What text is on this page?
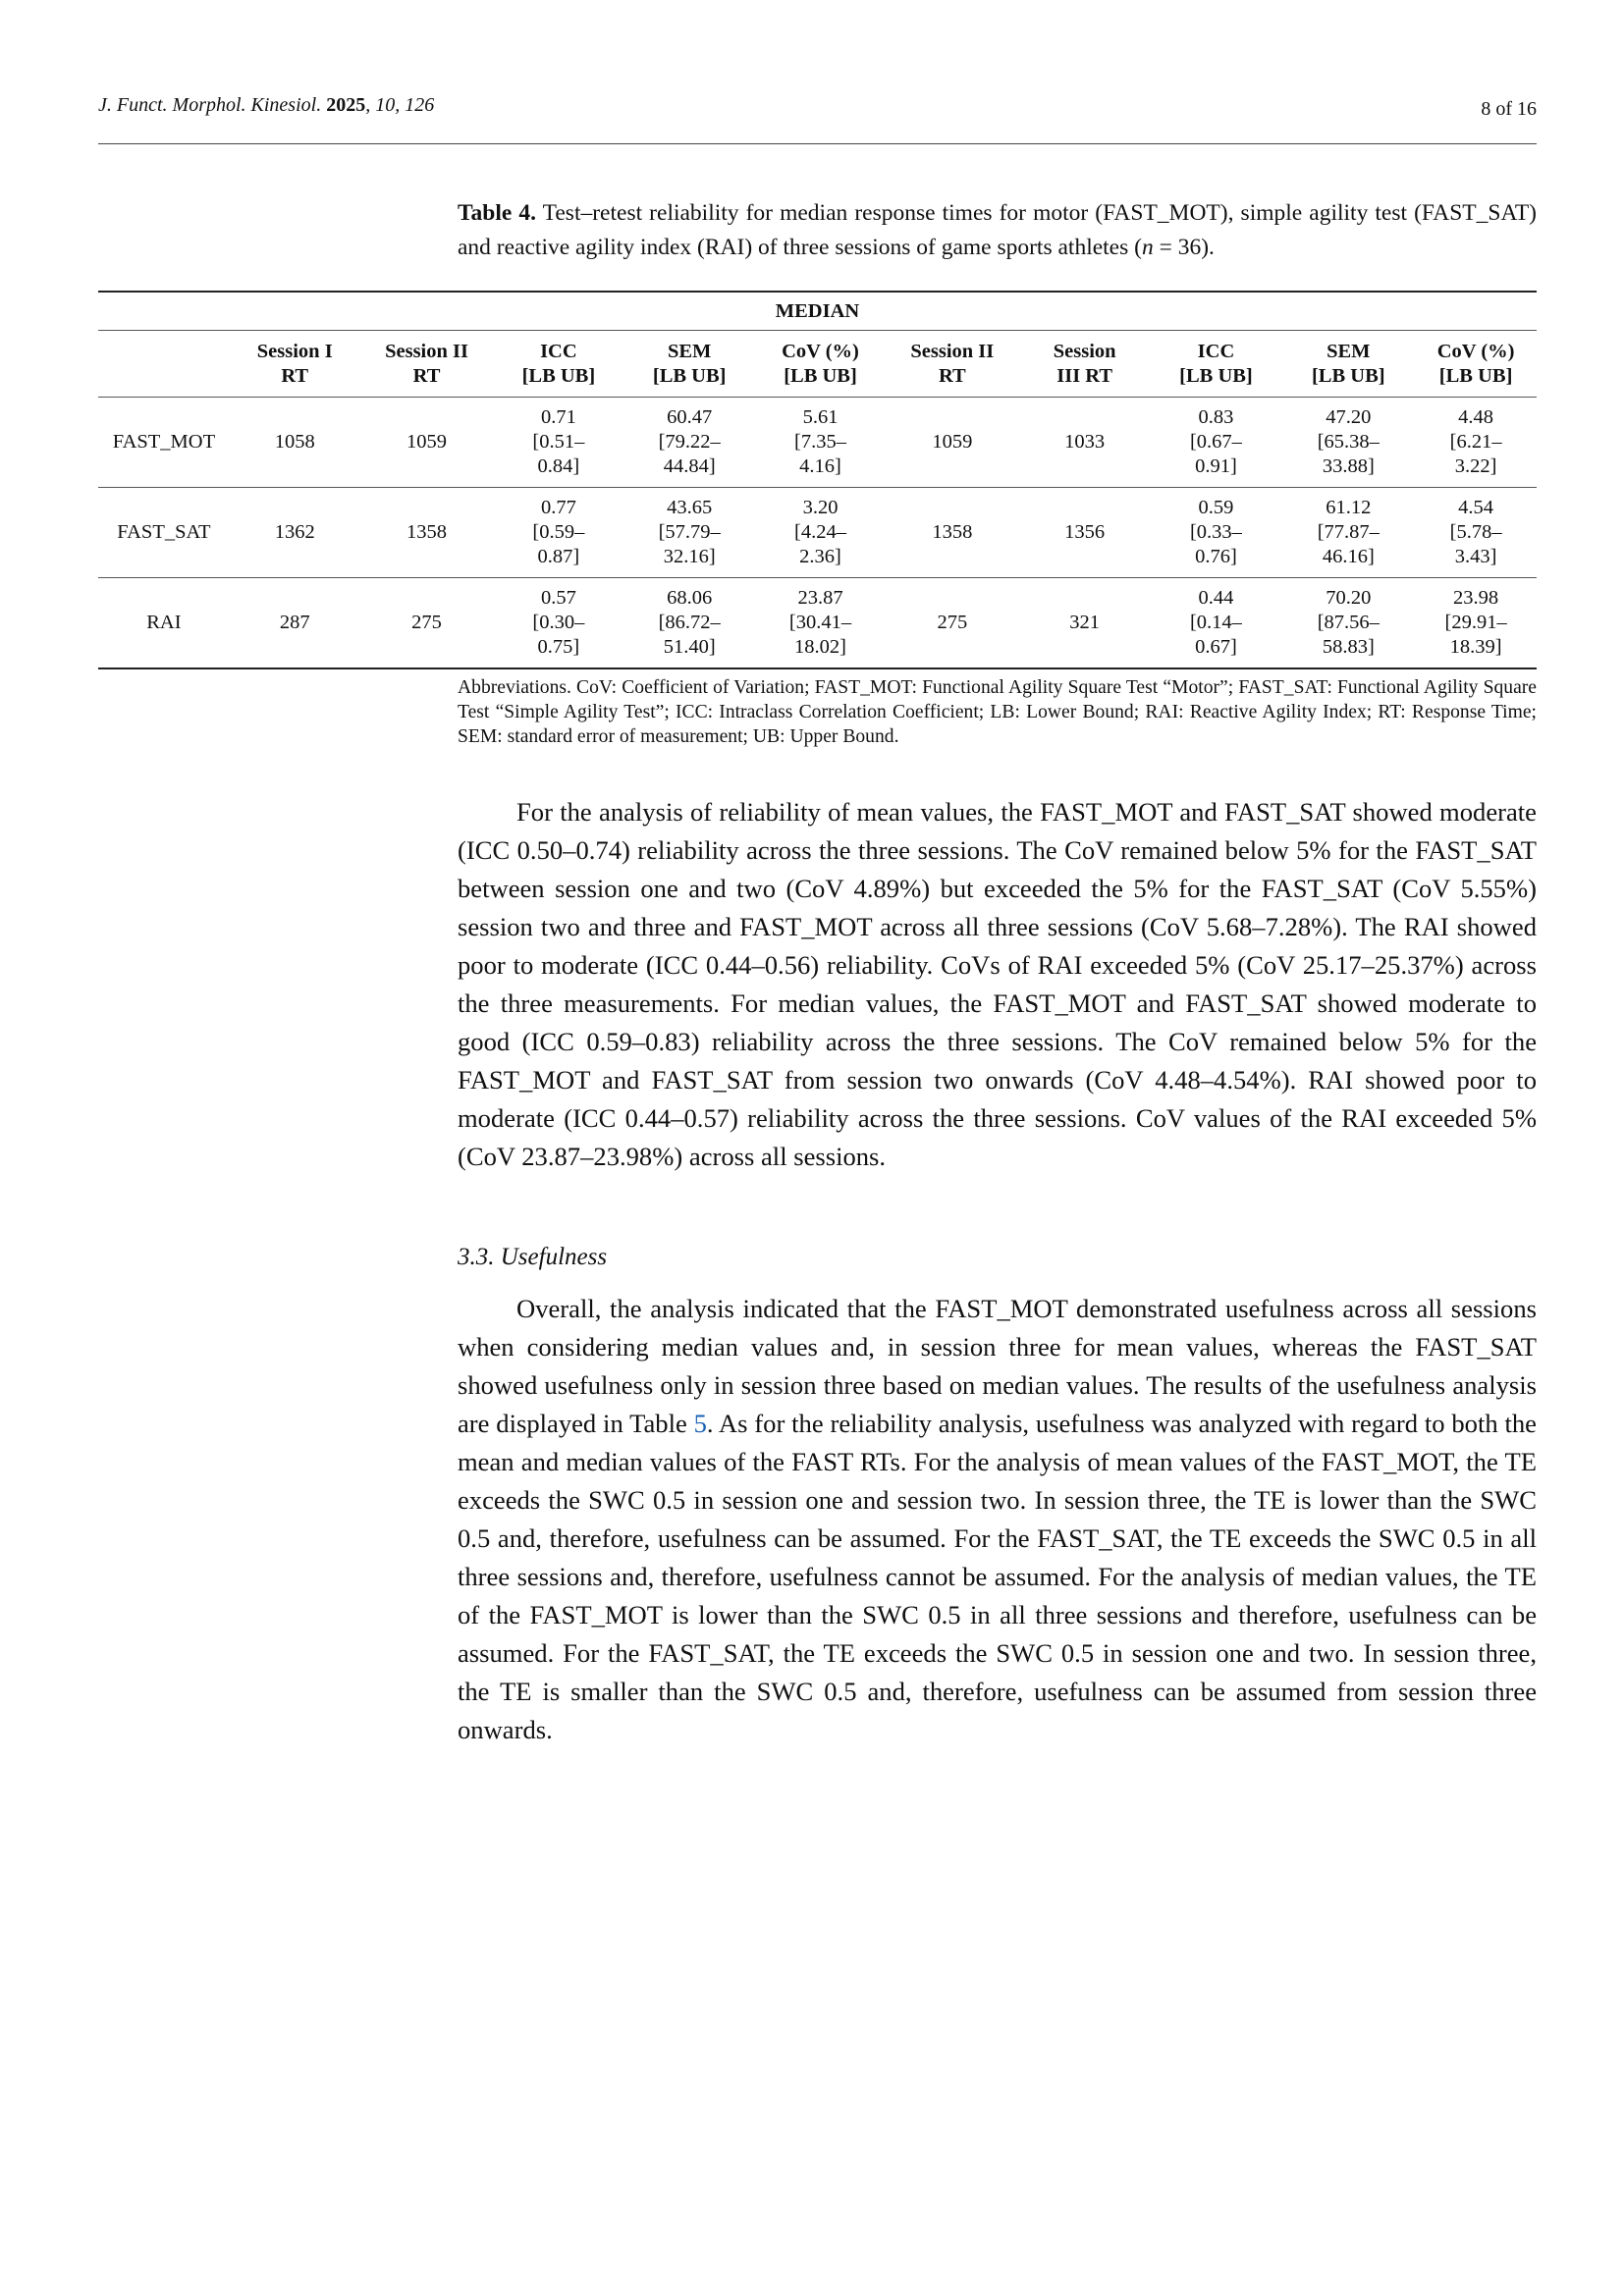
J. Funct. Morphol. Kinesiol. 2025, 10, 126	8 of 16
Table 4. Test–retest reliability for median response times for motor (FAST_MOT), simple agility test (FAST_SAT) and reactive agility index (RAI) of three sessions of game sports athletes (n = 36).
MEDIAN										

	Session I
RT	Session II
RT	ICC
[LB UB]	SEM
[LB UB]	CoV (%)
[LB UB]	Session II
RT	Session
III RT	ICC
[LB UB]	SEM
[LB UB]	CoV (%)
[LB UB]
FAST_MOT	1058	1059	0.71
[0.51–
0.84]	60.47
[79.22–
44.84]	5.61
[7.35–
4.16]	1059	1033	0.83
[0.67–
0.91]	47.20
[65.38–
33.88]	4.48
[6.21–
3.22]
FAST_SAT	1362	1358	0.77
[0.59–
0.87]	43.65
[57.79–
32.16]	3.20
[4.24–
2.36]	1358	1356	0.59
[0.33–
0.76]	61.12
[77.87–
46.16]	4.54
[5.78–
3.43]
RAI	287	275	0.57
[0.30–
0.75]	68.06
[86.72–
51.40]	23.87
[30.41–
18.02]	275	321	0.44
[0.14–
0.67]	70.20
[87.56–
58.83]	23.98
[29.91–
18.39]
Abbreviations. CoV: Coefficient of Variation; FAST_MOT: Functional Agility Square Test “Motor”; FAST_SAT: Functional Agility Square Test “Simple Agility Test”; ICC: Intraclass Correlation Coefficient; LB: Lower Bound; RAI: Reactive Agility Index; RT: Response Time; SEM: standard error of measurement; UB: Upper Bound.

For the analysis of reliability of mean values, the FAST_MOT and FAST_SAT showed moderate (ICC 0.50–0.74) reliability across the three sessions. The CoV remained below 5% for the FAST_SAT between session one and two (CoV 4.89%) but exceeded the 5% for the FAST_SAT (CoV 5.55%) session two and three and FAST_MOT across all three sessions (CoV 5.68–7.28%). The RAI showed poor to moderate (ICC 0.44–0.56) reliability. CoVs of RAI exceeded 5% (CoV 25.17–25.37%) across the three measurements. For median values, the FAST_MOT and FAST_SAT showed moderate to good (ICC 0.59–0.83) reliability across the three sessions. The CoV remained below 5% for the FAST_MOT and FAST_SAT from session two onwards (CoV 4.48–4.54%). RAI showed poor to moderate (ICC 0.44–0.57) reliability across the three sessions. CoV values of the RAI exceeded 5% (CoV 23.87–23.98%) across all sessions.

3.3. Usefulness

Overall, the analysis indicated that the FAST_MOT demonstrated usefulness across all sessions when considering median values and, in session three for mean values, whereas the FAST_SAT showed usefulness only in session three based on median values. The results of the usefulness analysis are displayed in Table 5. As for the reliability analysis, usefulness was analyzed with regard to both the mean and median values of the FAST RTs. For the analysis of mean values of the FAST_MOT, the TE exceeds the SWC 0.5 in session one and session two. In session three, the TE is lower than the SWC 0.5 and, therefore, usefulness can be assumed. For the FAST_SAT, the TE exceeds the SWC 0.5 in all three sessions and, therefore, usefulness cannot be assumed. For the analysis of median values, the TE of the FAST_MOT is lower than the SWC 0.5 in all three sessions and therefore, usefulness can be assumed. For the FAST_SAT, the TE exceeds the SWC 0.5 in session one and two. In session three, the TE is smaller than the SWC 0.5 and, therefore, usefulness can be assumed from session three onwards.
